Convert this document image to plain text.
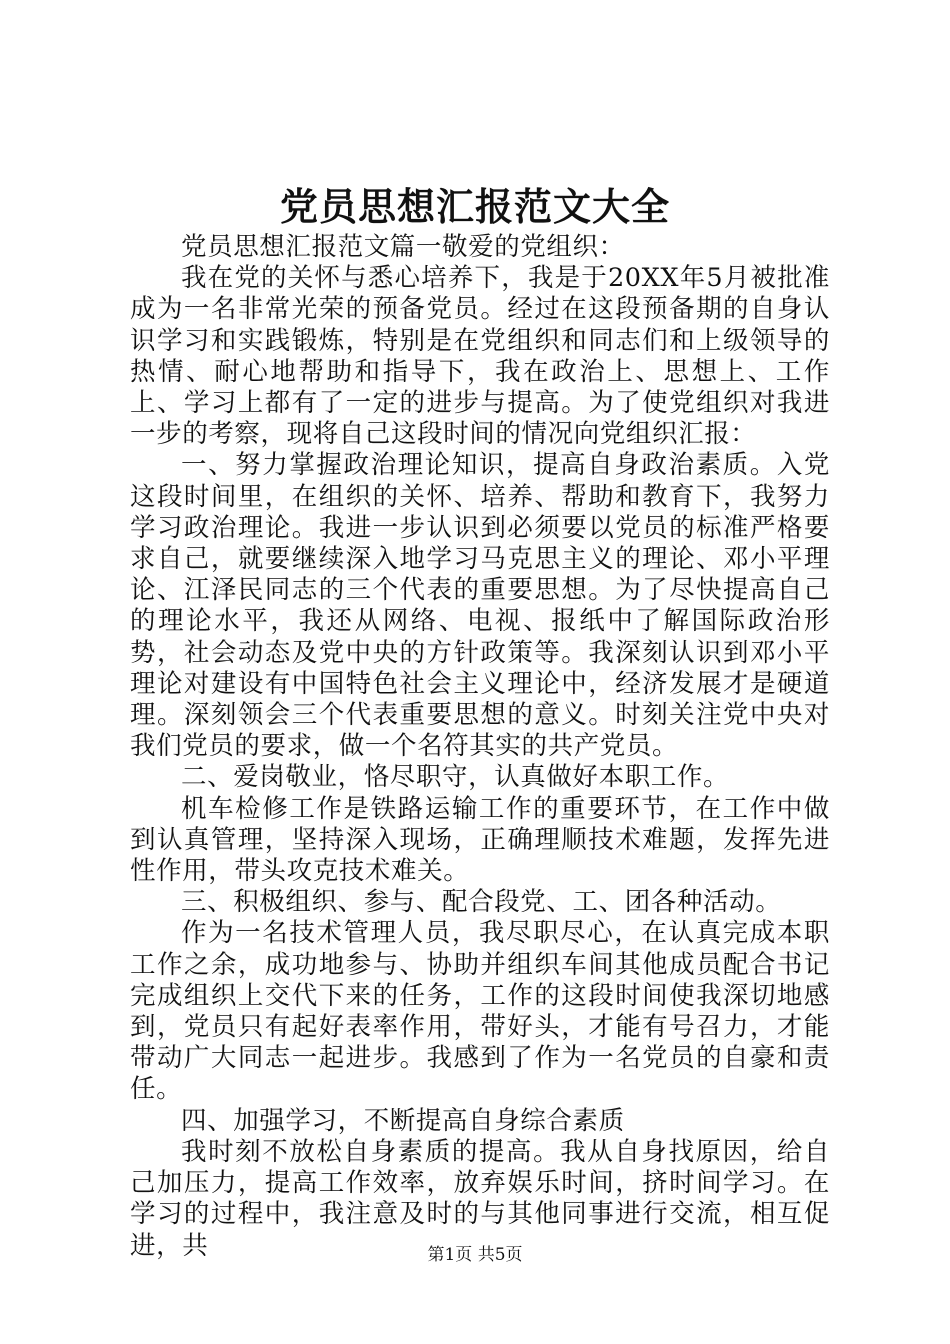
党员思想汇报范文大全

党员思想汇报范文篇一敬爱的党组织：

我在党的关怀与悉心培养下，我是于20XX年5月被批准成为一名非常光荣的预备党员。经过在这段预备期的自身认识学习和实践锻炼，特别是在党组织和同志们和上级领导的热情、耐心地帮助和指导下，我在政治上、思想上、工作上、学习上都有了一定的进步与提高。为了使党组织对我进一步的考察，现将自己这段时间的情况向党组织汇报：

一、努力掌握政治理论知识，提高自身政治素质。入党这段时间里，在组织的关怀、培养、帮助和教育下，我努力学习政治理论。我进一步认识到必须要以党员的标准严格要求自己，就要继续深入地学习马克思主义的理论、邓小平理论、江泽民同志的三个代表的重要思想。为了尽快提高自己的理论水平，我还从网络、电视、报纸中了解国际政治形势，社会动态及党中央的方针政策等。我深刻认识到邓小平理论对建设有中国特色社会主义理论中，经济发展才是硬道理。深刻领会三个代表重要思想的意义。时刻关注党中央对我们党员的要求，做一个名符其实的共产党员。

二、爱岗敬业，恪尽职守，认真做好本职工作。

机车检修工作是铁路运输工作的重要环节，在工作中做到认真管理，坚持深入现场，正确理顺技术难题，发挥先进性作用，带头攻克技术难关。

三、积极组织、参与、配合段党、工、团各种活动。

作为一名技术管理人员，我尽职尽心，在认真完成本职工作之余，成功地参与、协助并组织车间其他成员配合书记完成组织上交代下来的任务，工作的这段时间使我深切地感到，党员只有起好表率作用，带好头，才能有号召力，才能带动广大同志一起进步。我感到了作为一名党员的自豪和责任。

四、加强学习，不断提高自身综合素质

我时刻不放松自身素质的提高。我从自身找原因，给自己加压力，提高工作效率，放弃娱乐时间，挤时间学习。在学习的过程中，我注意及时的与其他同事进行交流，相互促进，共	第1页 共5页
